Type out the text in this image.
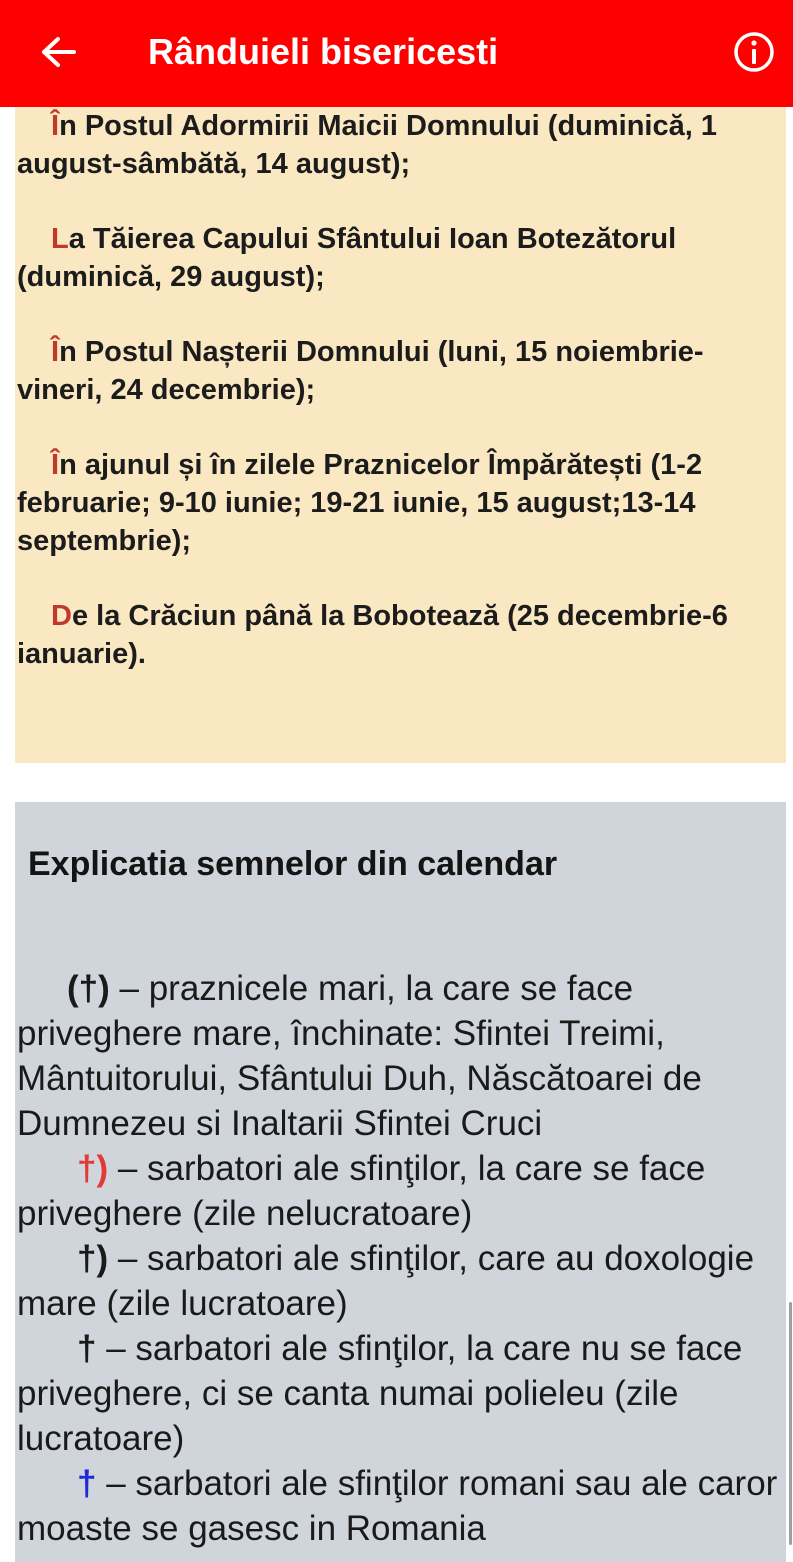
Rânduieli bisericesti
În Postul Adormirii Maicii Domnului (duminică, 1 august-sâmbătă, 14 august);
La Tăierea Capului Sfântului Ioan Botezătorul (duminică, 29 august);
În Postul Nașterii Domnului (luni, 15 noiembrie-vineri, 24 decembrie);
În ajunul și în zilele Praznicelor Împărătești (1-2 februarie; 9-10 iunie; 19-21 iunie, 15 august;13-14 septembrie);
De la Crăciun până la Bobotează (25 decembrie-6 ianuarie).
Explicatia semnelor din calendar

(†) – praznicele mari, la care se face priveghere mare, închinate: Sfintei Treimi, Mântuitorului, Sfântului Duh, Născătoarei de Dumnezeu si Inaltarii Sfintei Cruci

†) – sarbatori ale sfinţilor, la care se face priveghere (zile nelucratoare)

†) – sarbatori ale sfinţilor, care au doxologie mare (zile lucratoare)

† – sarbatori ale sfinţilor, la care nu se face priveghere, ci se canta numai polieleu (zile lucratoare)

† – sarbatori ale sfinţilor romani sau ale caror moaste se gasesc in Romania
